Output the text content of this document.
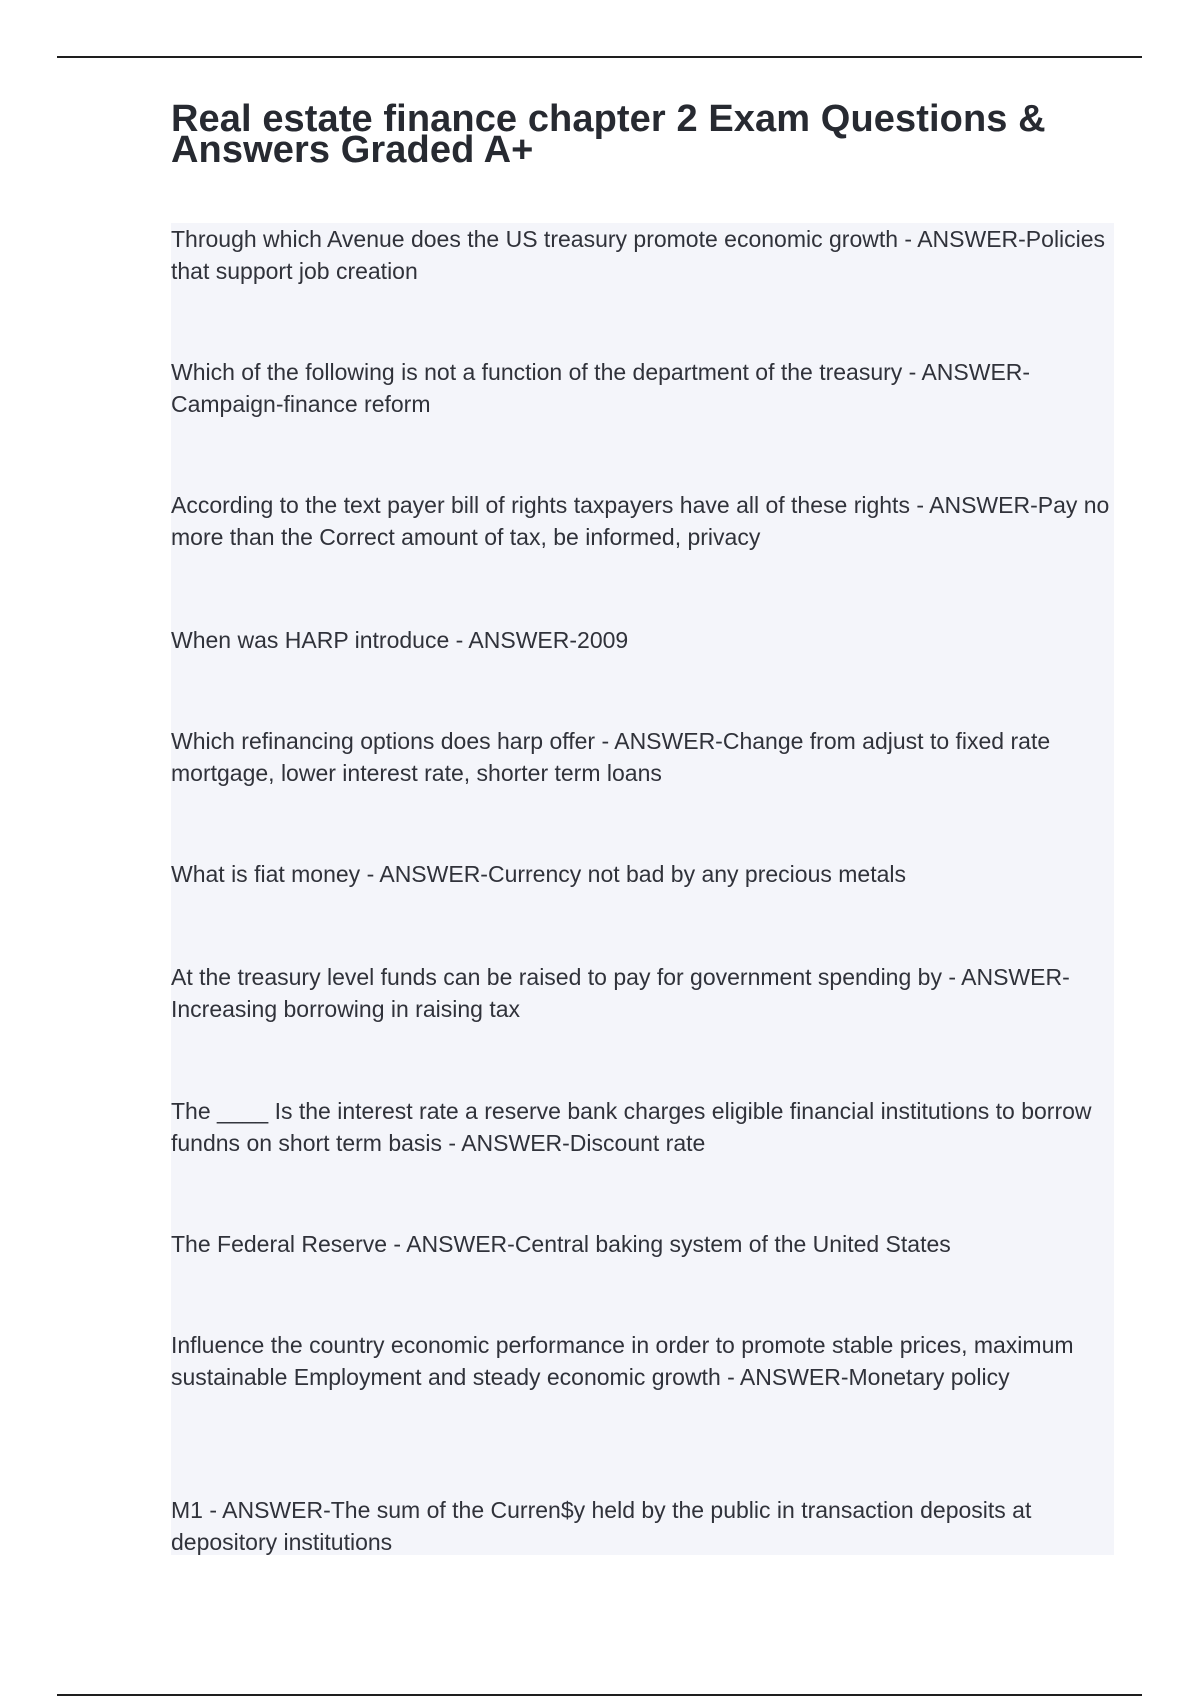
Real estate finance chapter 2 Exam Questions & Answers Graded A+

Through which Avenue does the US treasury promote economic growth - ANSWER-Policies that support job creation

Which of the following is not a function of the department of the treasury - ANSWER-Campaign-finance reform

According to the text payer bill of rights taxpayers have all of these rights - ANSWER-Pay no more than the Correct amount of tax, be informed, privacy

When was HARP introduce - ANSWER-2009

Which refinancing options does harp offer - ANSWER-Change from adjust to fixed rate mortgage, lower interest rate, shorter term loans

What is fiat money - ANSWER-Currency not bad by any precious metals

At the treasury level funds can be raised to pay for government spending by - ANSWER-Increasing borrowing in raising tax

The ____ Is the interest rate a reserve bank charges eligible financial institutions to borrow fundns on short term basis - ANSWER-Discount rate

The Federal Reserve - ANSWER-Central baking system of the United States

Influence the country economic performance in order to promote stable prices, maximum sustainable Employment and steady economic growth - ANSWER-Monetary policy

M1 - ANSWER-The sum of the Curren$y held by the public in transaction deposits at depository institutions
